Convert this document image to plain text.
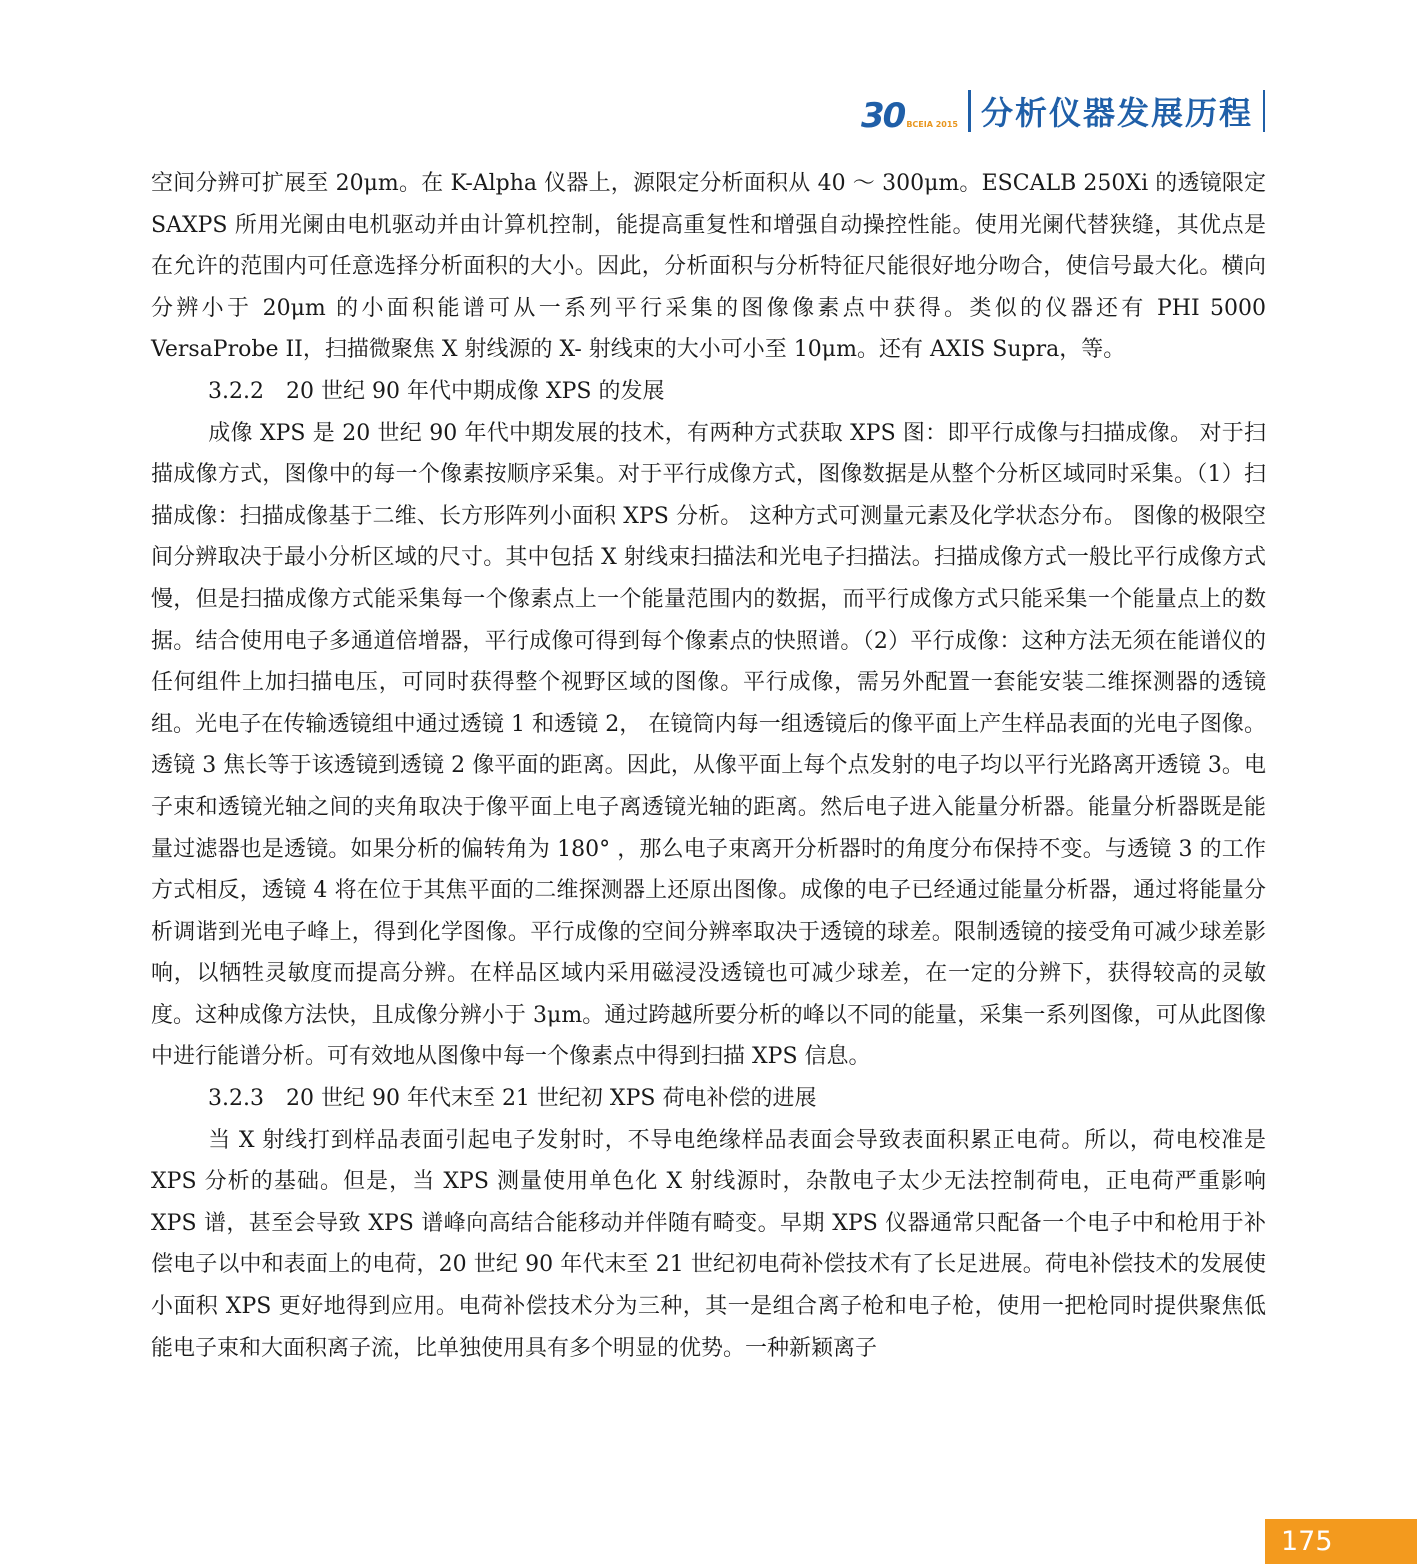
30 BCEIA 2015 分析仪器发展历程

空间分辨可扩展至 20μm。在 K-Alpha 仪器上，源限定分析面积从 40 ～ 300μm。ESCALB 250Xi 的透镜限定 SAXPS 所用光阑由电机驱动并由计算机控制，能提高重复性和增强自动操控性能。使用光阑代替狭缝，其优点是在允许的范围内可任意选择分析面积的大小。因此，分析面积与分析特征尺能很好地分吻合，使信号最大化。横向分辨小于 20μm 的小面积能谱可从一系列平行采集的图像像素点中获得。类似的仪器还有 PHI 5000 VersaProbe II，扫描微聚焦 X 射线源的 X- 射线束的大小可小至 10μm。还有 AXIS Supra，等。

3.2.2　20 世纪 90 年代中期成像 XPS 的发展

成像 XPS 是 20 世纪 90 年代中期发展的技术，有两种方式获取 XPS 图：即平行成像与扫描成像。 对于扫描成像方式，图像中的每一个像素按顺序采集。对于平行成像方式，图像数据是从整个分析区域同时采集。（1）扫描成像：扫描成像基于二维、长方形阵列小面积 XPS 分析。 这种方式可测量元素及化学状态分布。 图像的极限空间分辨取决于最小分析区域的尺寸。其中包括 X 射线束扫描法和光电子扫描法。扫描成像方式一般比平行成像方式慢，但是扫描成像方式能采集每一个像素点上一个能量范围内的数据，而平行成像方式只能采集一个能量点上的数据。结合使用电子多通道倍增器，平行成像可得到每个像素点的快照谱。（2）平行成像：这种方法无须在能谱仪的任何组件上加扫描电压，可同时获得整个视野区域的图像。平行成像，需另外配置一套能安装二维探测器的透镜组。光电子在传输透镜组中通过透镜 1 和透镜 2， 在镜筒内每一组透镜后的像平面上产生样品表面的光电子图像。透镜 3 焦长等于该透镜到透镜 2 像平面的距离。因此，从像平面上每个点发射的电子均以平行光路离开透镜 3。电子束和透镜光轴之间的夹角取决于像平面上电子离透镜光轴的距离。然后电子进入能量分析器。能量分析器既是能量过滤器也是透镜。如果分析的偏转角为 180° ，那么电子束离开分析器时的角度分布保持不变。与透镜 3 的工作方式相反，透镜 4 将在位于其焦平面的二维探测器上还原出图像。成像的电子已经通过能量分析器，通过将能量分析调谐到光电子峰上，得到化学图像。平行成像的空间分辨率取决于透镜的球差。限制透镜的接受角可减少球差影响，以牺牲灵敏度而提高分辨。在样品区域内采用磁浸没透镜也可减少球差，在一定的分辨下，获得较高的灵敏度。这种成像方法快，且成像分辨小于 3μm。通过跨越所要分析的峰以不同的能量，采集一系列图像，可从此图像中进行能谱分析。可有效地从图像中每一个像素点中得到扫描 XPS 信息。

3.2.3　20 世纪 90 年代末至 21 世纪初 XPS 荷电补偿的进展

当 X 射线打到样品表面引起电子发射时，不导电绝缘样品表面会导致表面积累正电荷。所以，荷电校准是 XPS 分析的基础。但是，当 XPS 测量使用单色化 X 射线源时，杂散电子太少无法控制荷电，正电荷严重影响 XPS 谱，甚至会导致 XPS 谱峰向高结合能移动并伴随有畸变。早期 XPS 仪器通常只配备一个电子中和枪用于补偿电子以中和表面上的电荷，20 世纪 90 年代末至 21 世纪初电荷补偿技术有了长足进展。荷电补偿技术的发展使小面积 XPS 更好地得到应用。电荷补偿技术分为三种，其一是组合离子枪和电子枪，使用一把枪同时提供聚焦低能电子束和大面积离子流，比单独使用具有多个明显的优势。一种新颖离子

175
